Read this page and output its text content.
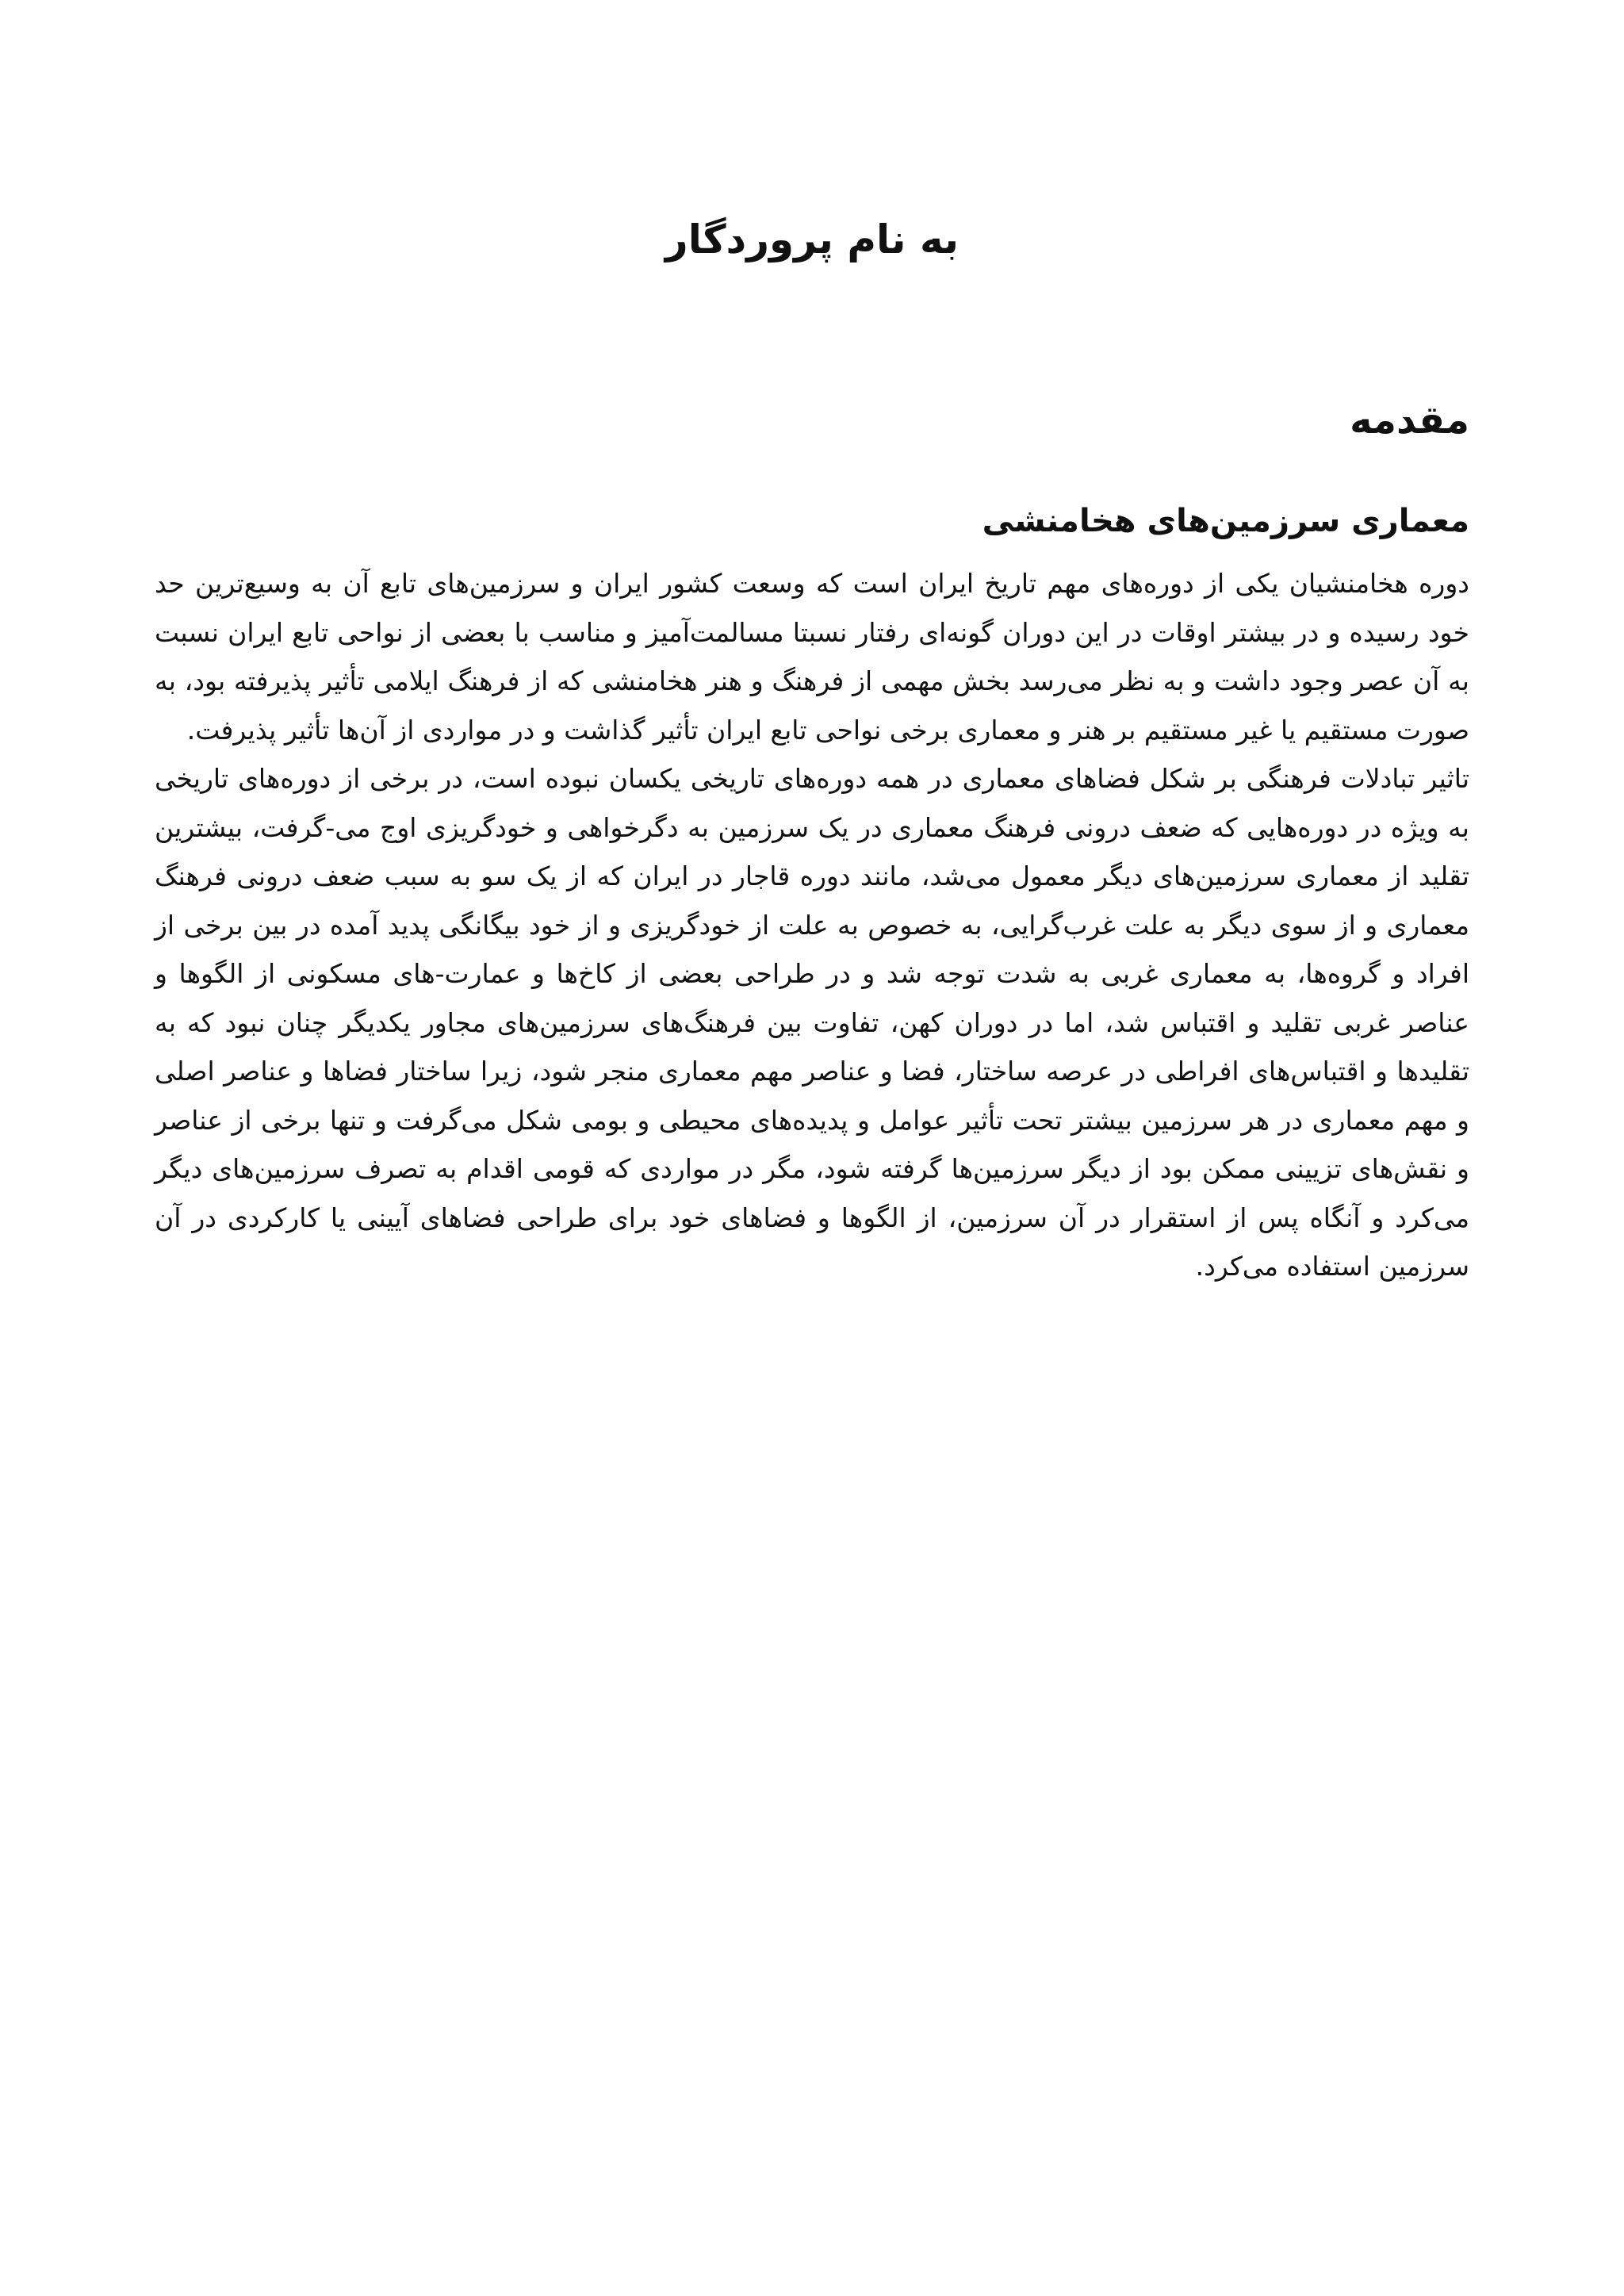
به نام پروردگار
مقدمه
معماری سرزمین‌های هخامنشی

دوره هخامنشیان یکی از دوره‌های مهم تاریخ ایران است که وسعت کشور ایران و سرزمین‌های تابع آن به وسیع‌ترین حد خود رسیده و در بیشتر اوقات در این دوران گونه‌ای رفتار نسبتا مسالمت‌آمیز و مناسب با بعضی از نواحی تابع ایران نسبت به آن عصر وجود داشت و به نظر می‌رسد بخش مهمی از فرهنگ و هنر هخامنشی که از فرهنگ ایلامی تأثیر پذیرفته بود، به صورت مستقیم یا غیر مستقیم بر هنر و معماری برخی نواحی تابع ایران تأثیر گذاشت و در مواردی از آن‌ها تأثیر پذیرفت.

تاثیر تبادلات فرهنگی بر شکل فضاهای معماری در همه دوره‌های تاریخی یکسان نبوده است، در برخی از دوره‌های تاریخی به ویژه در دوره‌هایی که ضعف درونی فرهنگ معماری در یک سرزمین به دگرخواهی و خودگریزی اوج می-گرفت، بیشترین تقلید از معماری سرزمین‌های دیگر معمول می‌شد، مانند دوره قاجار در ایران که از یک سو به سبب ضعف درونی فرهنگ معماری و از سوی دیگر به علت غرب‌گرایی، به خصوص به علت از خودگریزی و از خود بیگانگی پدید آمده در بین برخی از افراد و گروه‌ها، به معماری غربی به شدت توجه شد و در طراحی بعضی از کاخ‌ها و عمارت-های مسکونی از الگوها و عناصر غربی تقلید و اقتباس شد، اما در دوران کهن، تفاوت بین فرهنگ‌های سرزمین‌های مجاور یکدیگر چنان نبود که به تقلیدها و اقتباس‌های افراطی در عرصه ساختار، فضا و عناصر مهم معماری منجر شود، زیرا ساختار فضاها و عناصر اصلی و مهم معماری در هر سرزمین بیشتر تحت تأثیر عوامل و پدیده‌های محیطی و بومی شکل می‌گرفت و تنها برخی از عناصر و نقش‌های تزیینی ممکن بود از دیگر سرزمین‌ها گرفته شود، مگر در مواردی که قومی اقدام به تصرف سرزمین‌های دیگر می‌کرد و آنگاه پس از استقرار در آن سرزمین، از الگوها و فضاهای خود برای طراحی فضاهای آیینی یا کارکردی در آن سرزمین استفاده می‌کرد.
